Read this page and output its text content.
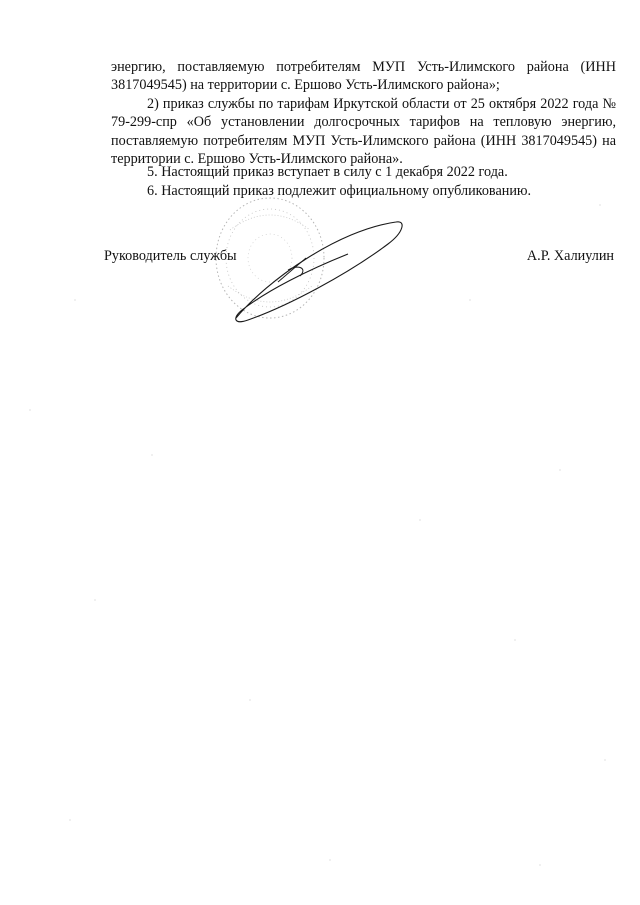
энергию, поставляемую потребителям МУП Усть-Илимского района (ИНН 3817049545) на территории с. Ершово Усть-Илимского района»;

2) приказ службы по тарифам Иркутской области от 25 октября 2022 года № 79-299-спр «Об установлении долгосрочных тарифов на тепловую энергию, поставляемую потребителям МУП Усть-Илимского района (ИНН 3817049545) на территории с. Ершово Усть-Илимского района».

5. Настоящий приказ вступает в силу с 1 декабря 2022 года.

6. Настоящий приказ подлежит официальному опубликованию.

Руководитель службы	А.Р. Халиулин
